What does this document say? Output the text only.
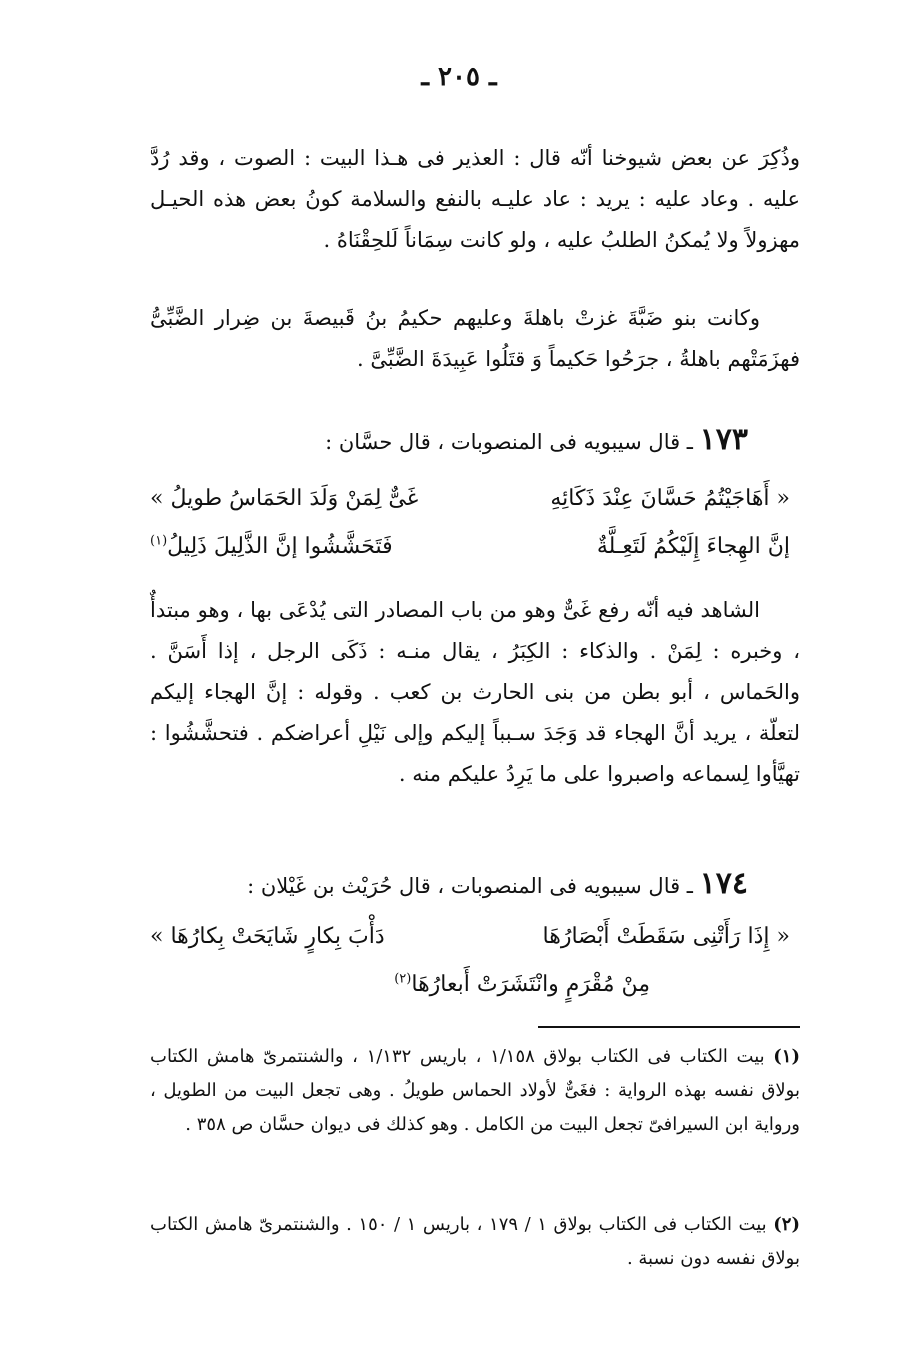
ـ ٢٠٥ ـ

وذُكِرَ عن بعض شيوخنا أنّه قال : العذير فى هـذا البيت : الصوت ، وقد رُدَّ عليه . وعاد عليه : يريد : عاد عليـه بالنفع والسلامة كونُ بعض هذه الحيـل مهزولاً ولا يُمكنُ الطلبُ عليه ، ولو كانت سِمَاناً لَلحِقْنَاهُ .

وكانت بنو ضَبَّةَ غزتْ باهلةَ وعليهم حكيمُ بنُ قَبيصةَ بن ضِرار الضَّبِّىُّ فهزَمَتْهم باهلةُ ، جرَحُوا حَكيماً وَ قتَلُوا عَبِيدَةَ الضَّبِّىَّ .

١٧٣ ـ قال سيبويه فى المنصوبات ، قال حسَّان :

« أَهَاجَيْتُمُ حَسَّانَ عِنْدَ ذَكَائِهِ
غَىٌّ لِمَنْ وَلَدَ الحَمَاسُ طويلُ »
إنَّ الهِجاءَ إِلَيْكُمُ لَتَعِـلَّةٌ
فَتَحَشَّشُوا إنَّ الذَّلِيلَ ذَلِيلُ$^{(١)}$

الشاهد فيه أنّه رفع غَىٌّ وهو من باب المصادر التى يُدْعَى بها ، وهو مبتدأٌ ، وخبره : لِمَنْ . والذكاء : الكِبَرُ ، يقال منـه : ذَكَى الرجل ، إذا أَسَنَّ . والحَماس ، أبو بطن من بنى الحارث بن كعب . وقوله : إنَّ الهجاء إليكم لتعلّة ، يريد أنَّ الهجاء قد وَجَدَ سـبباً إليكم وإلى نَيْلِ أعراضكم . فتحشَّشُوا : تهيَّأوا لِسماعه واصبروا على ما يَرِدُ عليكم منه .

١٧٤ ـ قال سيبويه فى المنصوبات ، قال حُرَيْث بن غَيْلان :

« إِذَا رَأَتْنِى سَقَطَتْ أَبْصَارُهَا
دَأْبَ بِكارٍ شَايَحَتْ بِكارُهَا »
مِنْ مُقْرَمٍ وانْتَشَرَتْ أَبعارُهَا$^{(٢)}$

(١) بيت الكتاب فى الكتاب بولاق ١/١٥٨ ، باريس ١/١٣٢ ، والشنتمرىّ هامش الكتاب بولاق نفسه بهذه الرواية : فغَىٌّ لأولاد الحماس طويلُ . وهى تجعل البيت من الطويل ، ورواية ابن السيرافىّ تجعل البيت من الكامل . وهو كذلك فى ديوان حسَّان ص ٣٥٨ .

(٢) بيت الكتاب فى الكتاب بولاق ١ / ١٧٩ ، باريس ١ / ١٥٠ . والشنتمرىّ هامش الكتاب بولاق نفسه دون نسبة .
